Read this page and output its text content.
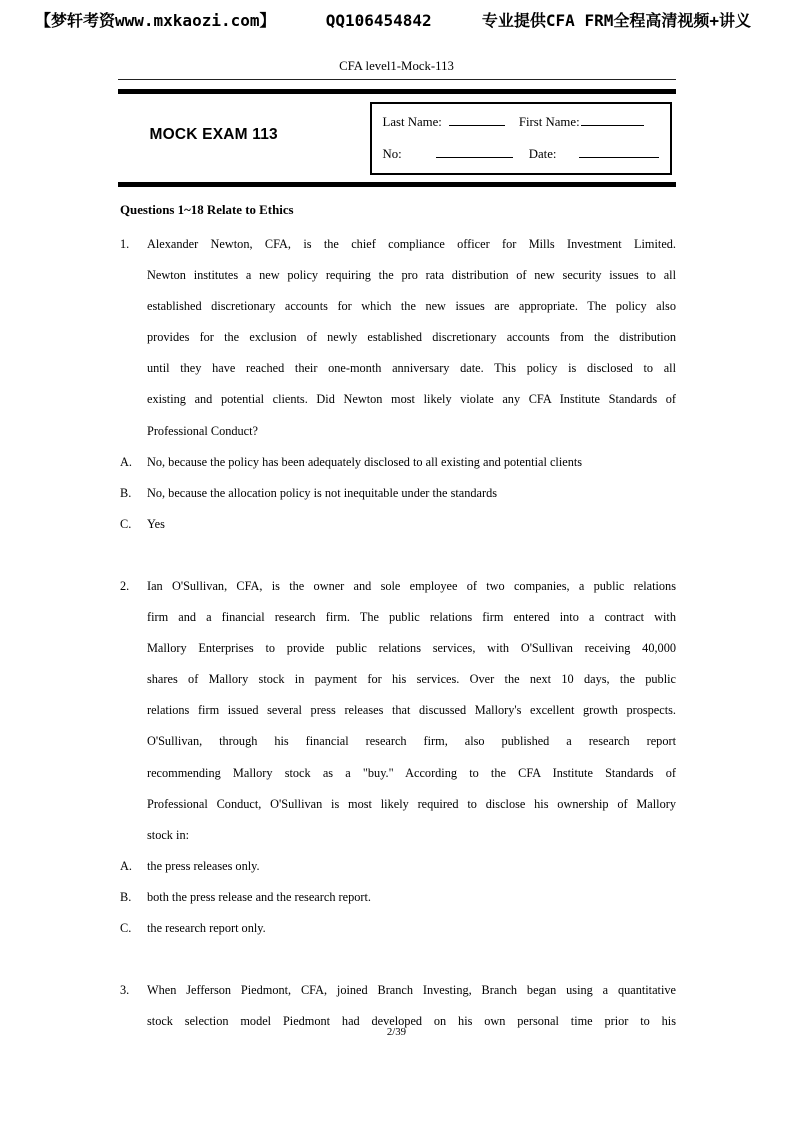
【梦轩考资www.mxkaozi.com】	QQ106454842	专业提供CFA FRM全程高清视频+讲义
CFA level1-Mock-113
MOCK EXAM 113
Last Name:	First Name:
No:	Date:
Questions 1~18 Relate to Ethics
1.	Alexander Newton, CFA, is the chief compliance officer for Mills Investment Limited.
Newton institutes a new policy requiring the pro rata distribution of new security issues to all
established discretionary accounts for which the new issues are appropriate. The policy also
provides for the exclusion of newly established discretionary accounts from the distribution
until they have reached their one-month anniversary date. This policy is disclosed to all
existing and potential clients. Did Newton most likely violate any CFA Institute Standards of
Professional Conduct?
A.	No, because the policy has been adequately disclosed to all existing and potential clients
B.	No, because the allocation policy is not inequitable under the standards
C.	Yes
2.	Ian O'Sullivan, CFA, is the owner and sole employee of two companies, a public relations
firm and a financial research firm. The public relations firm entered into a contract with
Mallory Enterprises to provide public relations services, with O'Sullivan receiving 40,000
shares of Mallory stock in payment for his services. Over the next 10 days, the public
relations firm issued several press releases that discussed Mallory's excellent growth prospects.
O'Sullivan, through his financial research firm, also published a research report
recommending Mallory stock as a "buy." According to the CFA Institute Standards of
Professional Conduct, O'Sullivan is most likely required to disclose his ownership of Mallory
stock in:
A.	the press releases only.
B.	both the press release and the research report.
C.	the research report only.
3.	When Jefferson Piedmont, CFA, joined Branch Investing, Branch began using a quantitative
stock selection model Piedmont had developed on his own personal time prior to his
2/39
